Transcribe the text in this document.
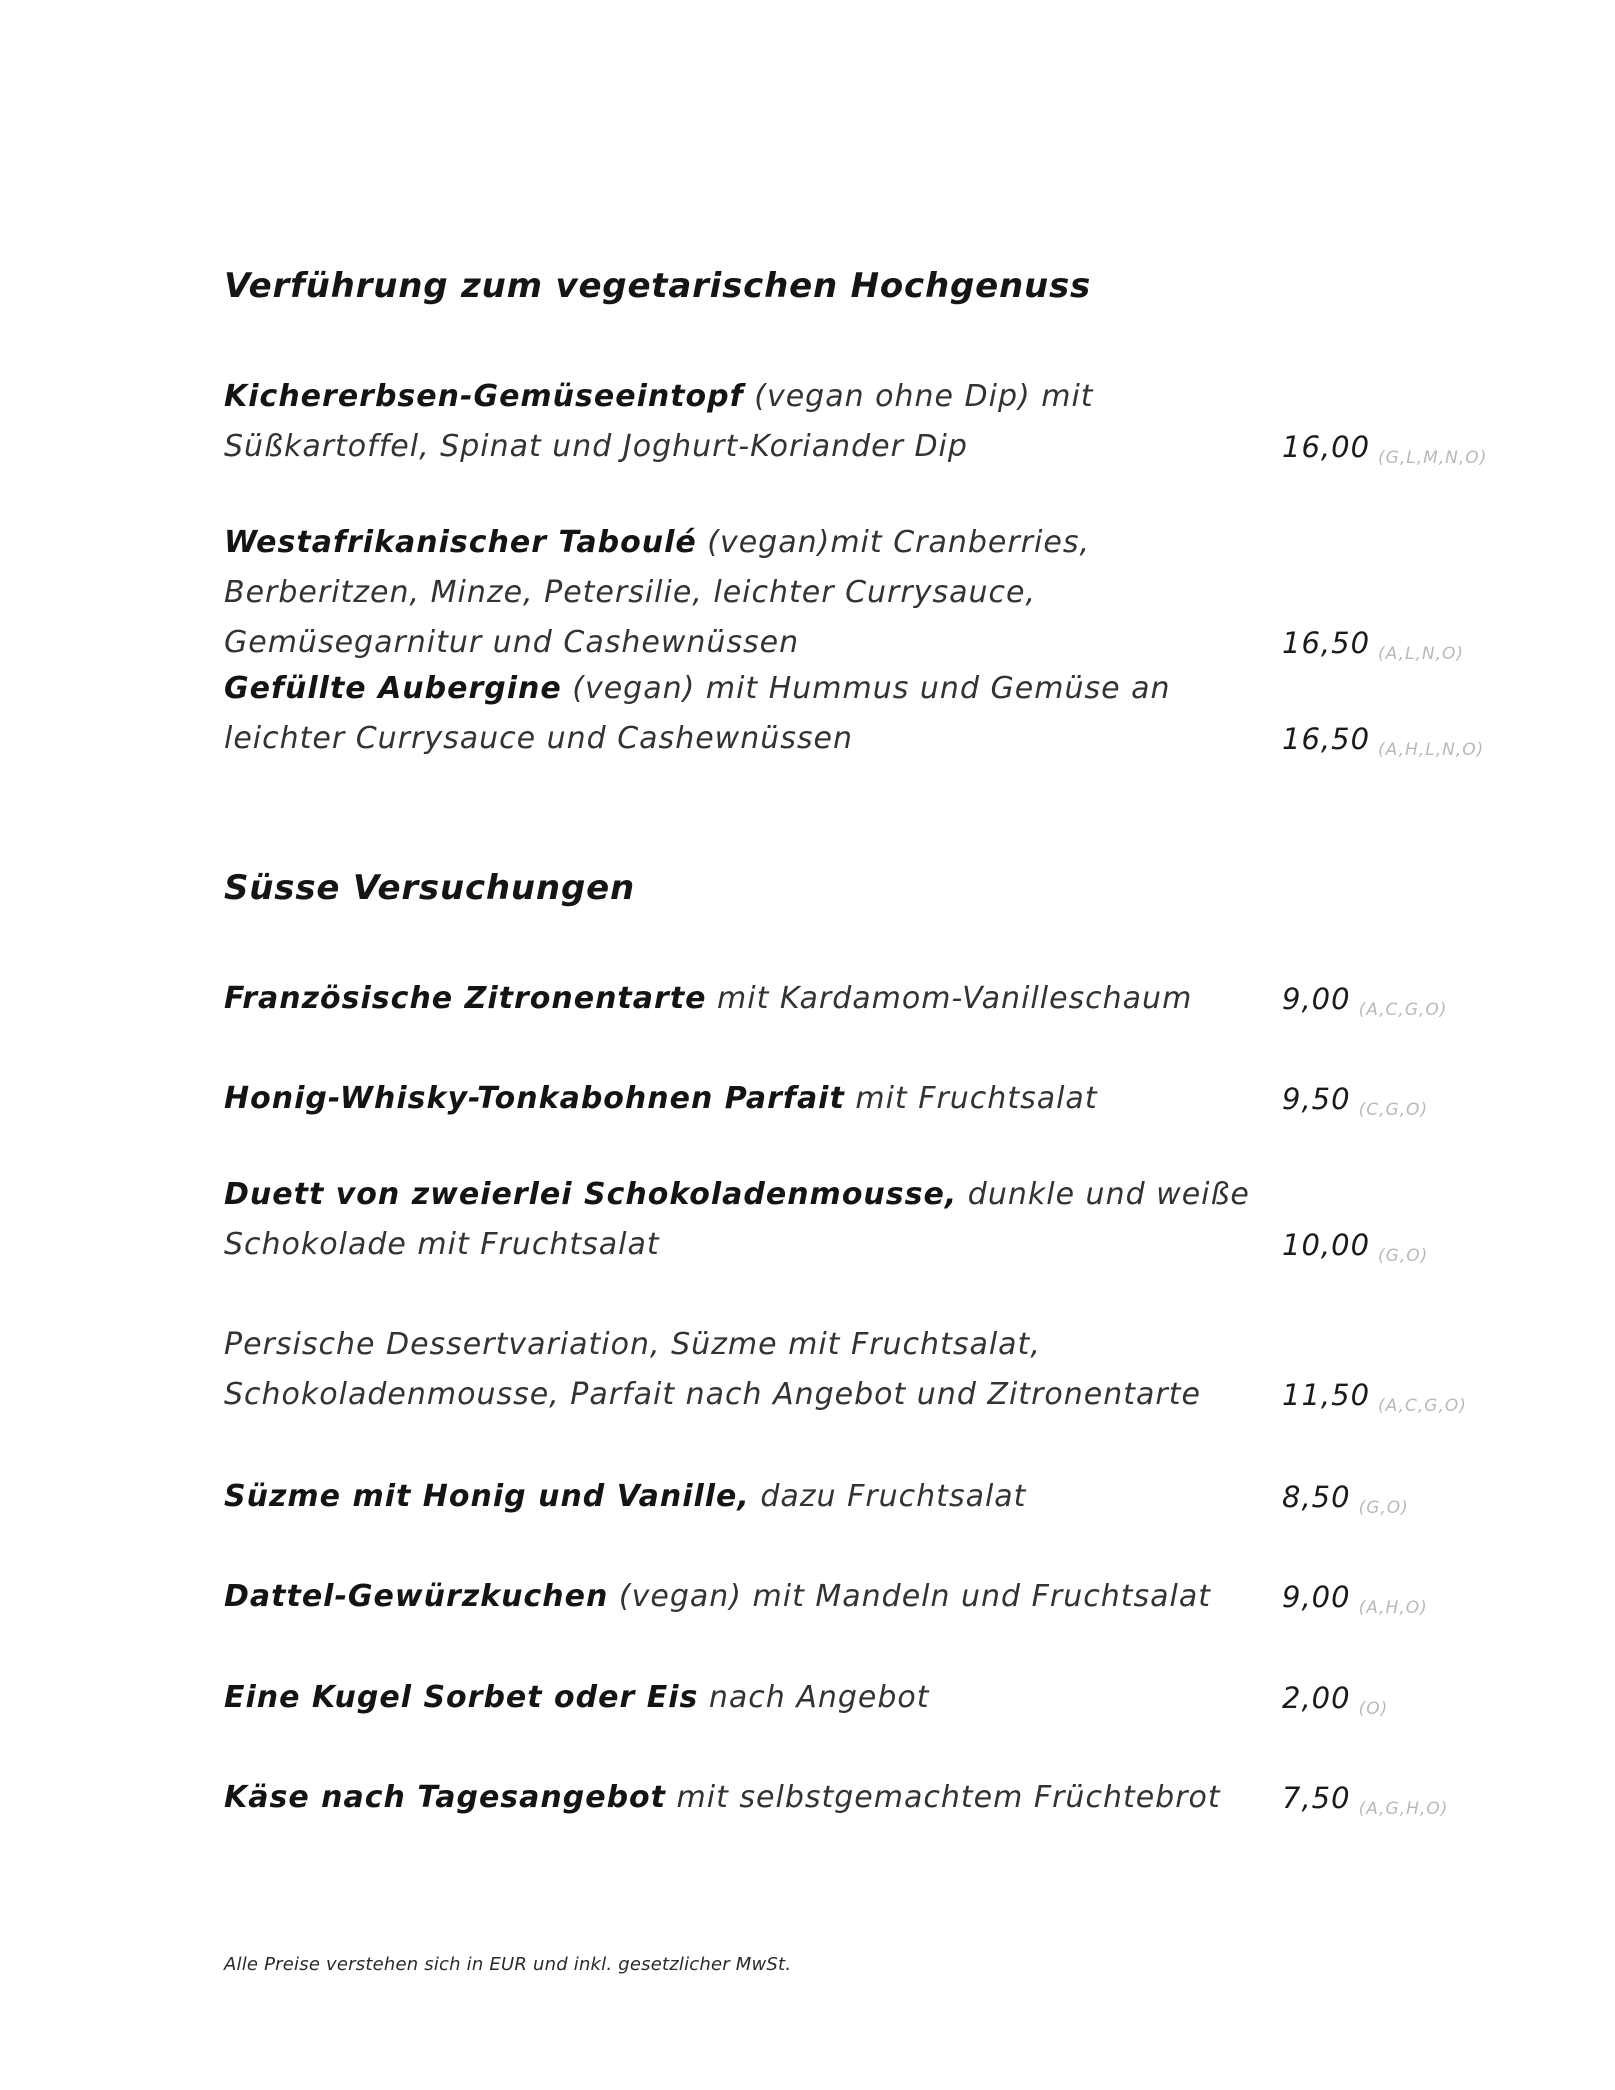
Verführung zum vegetarischen Hochgenuss
Kichererbsen-Gemüseeintopf (vegan ohne Dip) mit Süßkartoffel, Spinat und Joghurt-Koriander Dip	16,00 (G,L,M,N,O)
Westafrikanischer Taboulé (vegan)mit Cranberries, Berberitzen, Minze, Petersilie, leichter Currysauce, Gemüsegarnitur und Cashewnüssen	16,50 (A,L,N,O)
Gefüllte Aubergine (vegan) mit Hummus und Gemüse an leichter Currysauce und Cashewnüssen	16,50 (A,H,L,N,O)
Süsse Versuchungen
Französische Zitronentarte mit Kardamom-Vanilleschaum	9,00 (A,C,G,O)
Honig-Whisky-Tonkabohnen Parfait mit Fruchtsalat	9,50 (C,G,O)
Duett von zweierlei Schokoladenmousse, dunkle und weiße Schokolade mit Fruchtsalat	10,00 (G,O)
Persische Dessertvariation, Süzme mit Fruchtsalat, Schokoladenmousse, Parfait nach Angebot und Zitronentarte	11,50 (A,C,G,O)
Süzme mit Honig und Vanille, dazu Fruchtsalat	8,50 (G,O)
Dattel-Gewürzkuchen (vegan) mit Mandeln und Fruchtsalat	9,00 (A,H,O)
Eine Kugel Sorbet oder Eis nach Angebot	2,00 (O)
Käse nach Tagesangebot mit selbstgemachtem Früchtebrot	7,50 (A,G,H,O)
Alle Preise verstehen sich in EUR und inkl. gesetzlicher MwSt.
